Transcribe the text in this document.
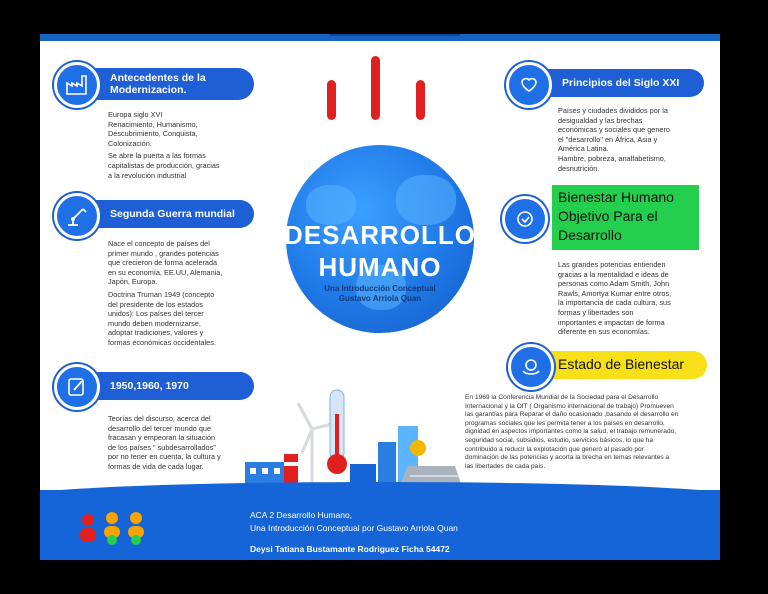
DESARROLLO
HUMANO
Una Introducción Conceptual
Gustavo Arriola Quan
Antecedentes de la
Modernizacion.

Europa siglo XVI
Renacimiento, Humanismo,
Descubrimiento, Conquista,
Colonización.

Se abre la puerta a las formas
capitalistas de producción, gracias
a la revolución industrial

Segunda Guerra mundial

Nace el concepto de países del
primer mundo , grandes potencias
que crecieron de forma acelerada
en su economía, EE.UU, Alemania,
Japón, Europa.

Doctrina Truman 1949 (concepto
del presidente de los estados
unidos): Los países del tercer
mundo deben modernizarse,
adoptar tradiciones, valores y
formas económicas occidentales.

1950,1960, 1970

Teorías del discurso, acerca del
desarrollo del tercer mundo que
fracasan y empeoran la situación
de los países " subdesarrollados"
por no tener en cuenta, la cultura y
formas de vida de cada lugar.

Principios del Siglo XXI

Países y ciudades divididos por la
desigualdad y las brechas
económicas y sociales que genero
el "desarrollo" en África, Asia y
América Latina.
Hambre, pobreza, analfabetismo,
desnutrición.

Bienestar Humano
Objetivo Para el
Desarrollo

Las grandes potencias entienden
gracias a la mentalidad e ideas de
personas como Adam Smith, John
Rawls, Amortya Kumar entre otros,
la importancia de cada cultura, sus
formas y libertades son
importantes e impactan de forma
diferente en sus economías.

Estado de Bienestar
En 1969 la Conferencia Mundial de la Sociedad para el Desarrollo
Internacional y la OIT ( Organismo internacional de trabajo) Promueven
las garantías para Reparar el daño ocasionado ,basando el desarrollo en
programas sociales que les permita tener a los países en desarrollo,
dignidad en aspectos importantes como la salud, el trabajo remunerado,
seguridad social, subsidios, estudio, servicios básicos, lo que ha
contribuido a reducir la explotación que generó al pasado por
dominación de las potencias y acorta la brecha en temas relevantes a
las libertades de cada país.
ACA 2 Desarrollo Humano,
Una Introducción Conceptual por Gustavo Arriola Quan
Deysi Tatiana Bustamante Rodriguez Ficha 54472
